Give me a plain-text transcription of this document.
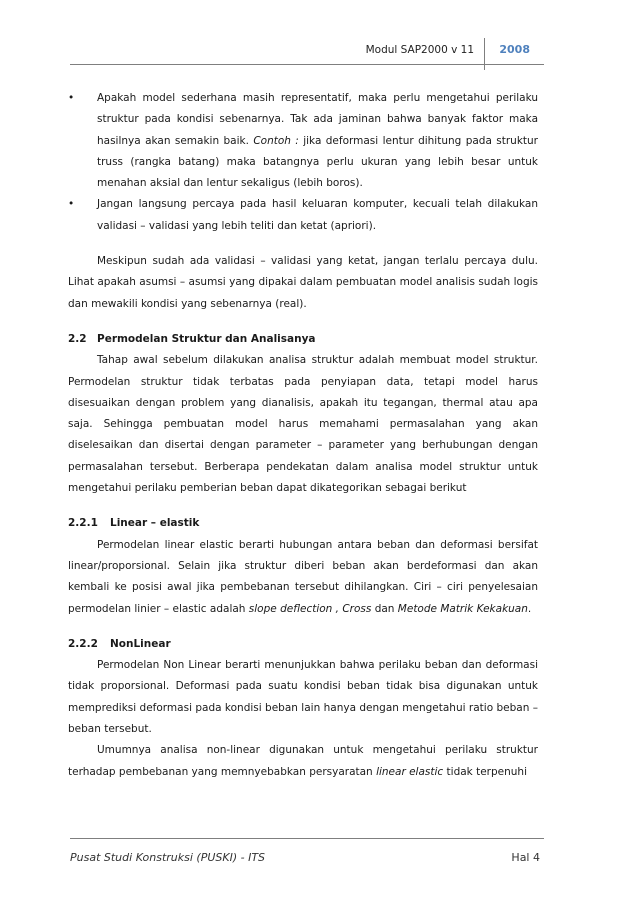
Modul SAP2000 v 11 2008
• Apakah model sederhana masih representatif, maka perlu mengetahui perilaku struktur pada kondisi sebenarnya. Tak ada jaminan bahwa banyak faktor maka hasilnya akan semakin baik. Contoh : jika deformasi lentur dihitung pada struktur truss (rangka batang) maka batangnya perlu ukuran yang lebih besar untuk menahan aksial dan lentur sekaligus (lebih boros).
• Jangan langsung percaya pada hasil keluaran komputer, kecuali telah dilakukan validasi – validasi yang lebih teliti dan ketat (apriori).

Meskipun sudah ada validasi – validasi yang ketat, jangan terlalu percaya dulu. Lihat apakah asumsi – asumsi yang dipakai dalam pembuatan model analisis sudah logis dan mewakili kondisi yang sebenarnya (real).

2.2 Permodelan Struktur dan Analisanya

Tahap awal sebelum dilakukan analisa struktur adalah membuat model struktur. Permodelan struktur tidak terbatas pada penyiapan data, tetapi model harus disesuaikan dengan problem yang dianalisis, apakah itu tegangan, thermal atau apa saja. Sehingga pembuatan model harus memahami permasalahan yang akan diselesaikan dan disertai dengan parameter – parameter yang berhubungan dengan permasalahan tersebut. Berberapa pendekatan dalam analisa model struktur untuk mengetahui perilaku pemberian beban dapat dikategorikan sebagai berikut

2.2.1 Linear – elastik

Permodelan linear elastic berarti hubungan antara beban dan deformasi bersifat linear/proporsional. Selain jika struktur diberi beban akan berdeformasi dan akan kembali ke posisi awal jika pembebanan tersebut dihilangkan. Ciri – ciri penyelesaian permodelan linier – elastic adalah slope deflection , Cross dan Metode Matrik Kekakuan.

2.2.2 NonLinear

Permodelan Non Linear berarti menunjukkan bahwa perilaku beban dan deformasi tidak proporsional. Deformasi pada suatu kondisi beban tidak bisa digunakan untuk memprediksi deformasi pada kondisi beban lain hanya dengan mengetahui ratio beban – beban tersebut.

Umumnya analisa non-linear digunakan untuk mengetahui perilaku struktur terhadap pembebanan yang memnyebabkan persyaratan linear elastic tidak terpenuhi

Pusat Studi Konstruksi (PUSKI) - ITS	Hal 4
